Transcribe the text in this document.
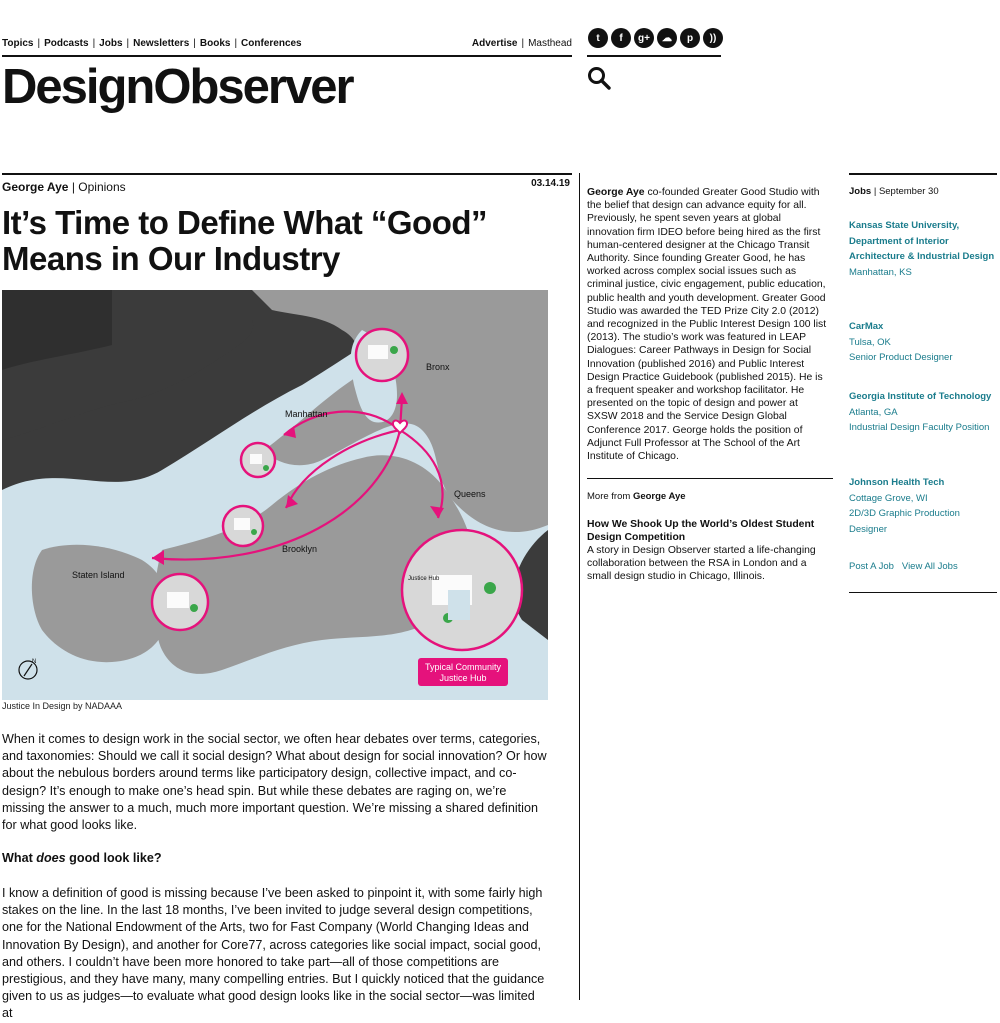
Topics | Podcasts | Jobs | Newsletters | Books | Conferences	Advertise | Masthead	t	f	g+	☁	p	))
DesignObserver
George Aye | Opinions	03.14.19
It’s Time to Define What “Good” Means in Our Industry
Justice Hub
Bronx
Manhattan
Queens
Brooklyn
Staten Island
Typical Community
Justice Hub
N
Justice In Design by NADAAA

When it comes to design work in the social sector, we often hear debates over terms, categories, and taxonomies: Should we call it social design? What about design for social innovation? Or how about the nebulous borders around terms like participatory design, collective impact, and co-design? It’s enough to make one’s head spin. But while these debates are raging on, we’re missing the answer to a much, much more important question. We’re missing a shared definition for what good looks like.

What does good look like?

I know a definition of good is missing because I’ve been asked to pinpoint it, with some fairly high stakes on the line. In the last 18 months, I’ve been invited to judge several design competitions, one for the National Endowment of the Arts, two for Fast Company (World Changing Ideas and Innovation By Design), and another for Core77, across categories like social impact, social good, and others. I couldn’t have been more honored to take part—all of those competitions are prestigious, and they have many, many compelling entries. But I quickly noticed that the guidance given to us as judges—to evaluate what good design looks like in the social sector—was limited at

George Aye co-founded Greater Good Studio with the belief that design can advance equity for all. Previously, he spent seven years at global innovation firm IDEO before being hired as the first human-centered designer at the Chicago Transit Authority. Since founding Greater Good, he has worked across complex social issues such as criminal justice, civic engagement, public education, public health and youth development. Greater Good Studio was awarded the TED Prize City 2.0 (2012) and recognized in the Public Interest Design 100 list (2013). The studio’s work was featured in LEAP Dialogues: Career Pathways in Design for Social Innovation (published 2016) and Public Interest Design Practice Guidebook (published 2015). He is a frequent speaker and workshop facilitator. He presented on the topic of design and power at SXSW 2018 and the Service Design Global Conference 2017. George holds the position of Adjunct Full Professor at The School of the Art Institute of Chicago.
More from George Aye
How We Shook Up the World’s Oldest Student Design Competition
A story in Design Observer started a life-changing collaboration between the RSA in London and a small design studio in Chicago, Illinois.
Jobs | September 30
Kansas State University, Department of Interior Architecture & Industrial Design
Manhattan, KS
CarMax
Tulsa, OK
Senior Product Designer
Georgia Institute of Technology
Atlanta, GA
Industrial Design Faculty Position
Johnson Health Tech
Cottage Grove, WI
2D/3D Graphic Production Designer
Post A Job View All Jobs
